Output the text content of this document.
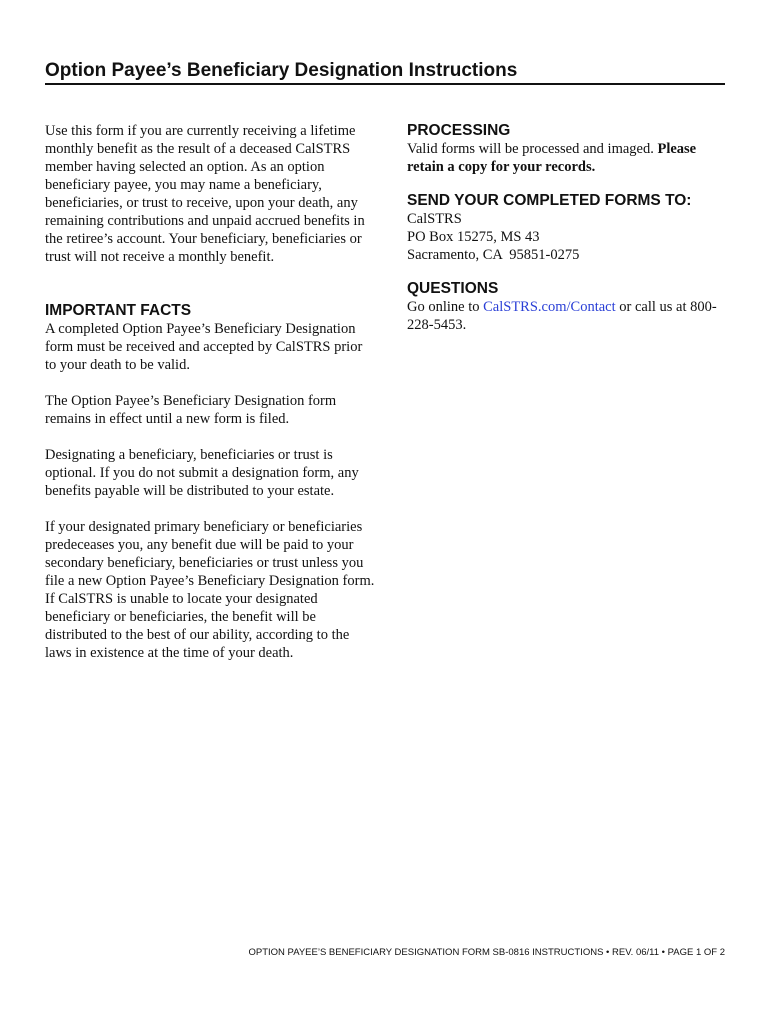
Option Payee’s Beneficiary Designation Instructions

Use this form if you are currently receiving a lifetime monthly benefit as the result of a deceased CalSTRS member having selected an option. As an option beneficiary payee, you may name a beneficiary, beneficiaries, or trust to receive, upon your death, any remaining contributions and unpaid accrued benefits in the retiree’s account. Your beneficiary, beneficiaries or trust will not receive a monthly benefit.

IMPORTANT FACTS

A completed Option Payee’s Beneficiary Designation form must be received and accepted by CalSTRS prior to your death to be valid.

The Option Payee’s Beneficiary Designation form remains in effect until a new form is filed.

Designating a beneficiary, beneficiaries or trust is optional. If you do not submit a designation form, any benefits payable will be distributed to your estate.

If your designated primary beneficiary or beneficiaries predeceases you, any benefit due will be paid to your secondary beneficiary, beneficiaries or trust unless you file a new Option Payee’s Beneficiary Designation form. If CalSTRS is unable to locate your designated beneficiary or beneficiaries, the benefit will be distributed to the best of our ability, according to the laws in existence at the time of your death.

PROCESSING

Valid forms will be processed and imaged. Please retain a copy for your records.

SEND YOUR COMPLETED FORMS TO:

CalSTRS
PO Box 15275, MS 43
Sacramento, CA  95851-0275

QUESTIONS

Go online to CalSTRS.com/Contact or call us at 800-228-5453.

OPTION PAYEE’S BENEFICIARY DESIGNATION FORM SB-0816 INSTRUCTIONS • REV. 06/11 • PAGE 1 OF 2
